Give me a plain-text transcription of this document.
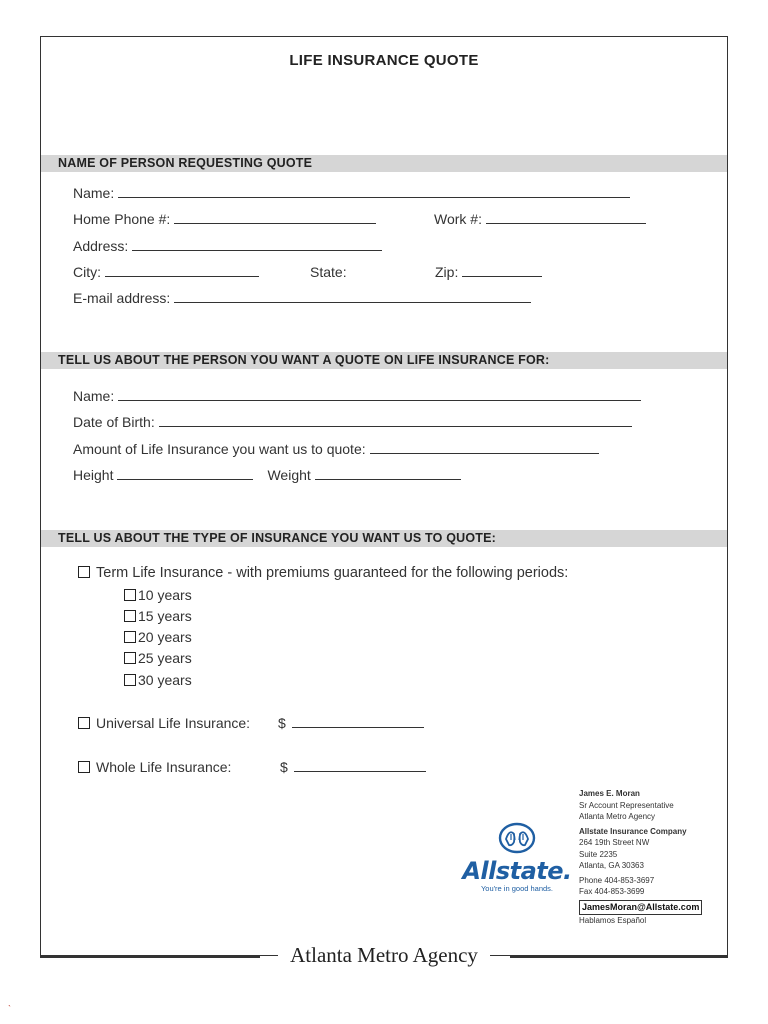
LIFE INSURANCE QUOTE
NAME OF PERSON REQUESTING QUOTE
Name:
Home Phone #:	Work #:
Address:
City:	State:	Zip:
E-mail address:
TELL US ABOUT THE PERSON YOU WANT A QUOTE ON LIFE INSURANCE FOR:
Name:
Date of Birth:
Amount of Life Insurance you want us to quote:
Height	Weight
TELL US ABOUT THE TYPE OF INSURANCE YOU WANT US TO QUOTE:
Term Life Insurance - with premiums guaranteed for the following periods:
10 years
15 years
20 years
25 years
30 years
Universal Life Insurance: $
Whole Life Insurance:	$
Allstate.
You're in good hands.
James E. Moran
Sr Account Representative
Atlanta Metro Agency
Allstate Insurance Company
264 19th Street NW
Suite 2235
Atlanta, GA 30363
Phone 404-853-3697
Fax 404-853-3699
JamesMoran@Allstate.com
Hablamos Español
Atlanta Metro Agency
`
